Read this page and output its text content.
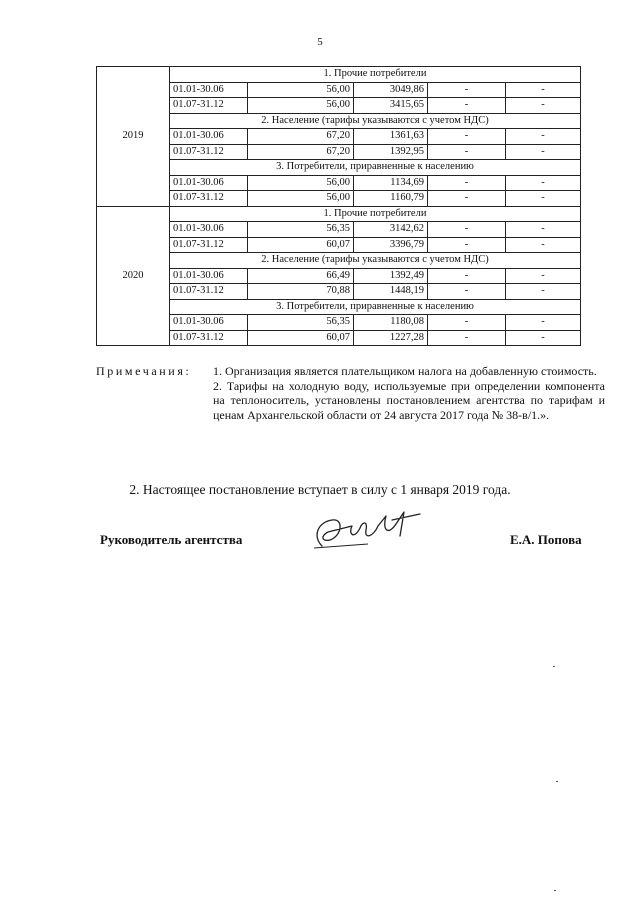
5
2019	1. Прочие потребители				
	01.01-30.06	56,00	3049,86	-	-
	01.07-31.12	56,00	3415,65	-	-
	2. Население (тарифы указываются с учетом НДС)				
	01.01-30.06	67,20	1361,63	-	-
	01.07-31.12	67,20	1392,95	-	-
	3. Потребители, приравненные к населению				
	01.01-30.06	56,00	1134,69	-	-
	01.07-31.12	56,00	1160,79	-	-
2020	1. Прочие потребители				
	01.01-30.06	56,35	3142,62	-	-
	01.07-31.12	60,07	3396,79	-	-
	2. Население (тарифы указываются с учетом НДС)				
	01.01-30.06	66,49	1392,49	-	-
	01.07-31.12	70,88	1448,19	-	-
	3. Потребители, приравненные к населению				
	01.01-30.06	56,35	1180,08	-	-
	01.07-31.12	60,07	1227,28	-	-
Примечания: 1. Организация является плательщиком налога на добавленную стоимость.

2. Тарифы на холодную воду, используемые при определении компонента на теплоноситель, установлены постановлением агентства по тарифам и ценам Архангельской области от 24 августа 2017 года № 38-в/1.».

2. Настоящее постановление вступает в силу с 1 января 2019 года.
Руководитель агентства	Е.А. Попова
